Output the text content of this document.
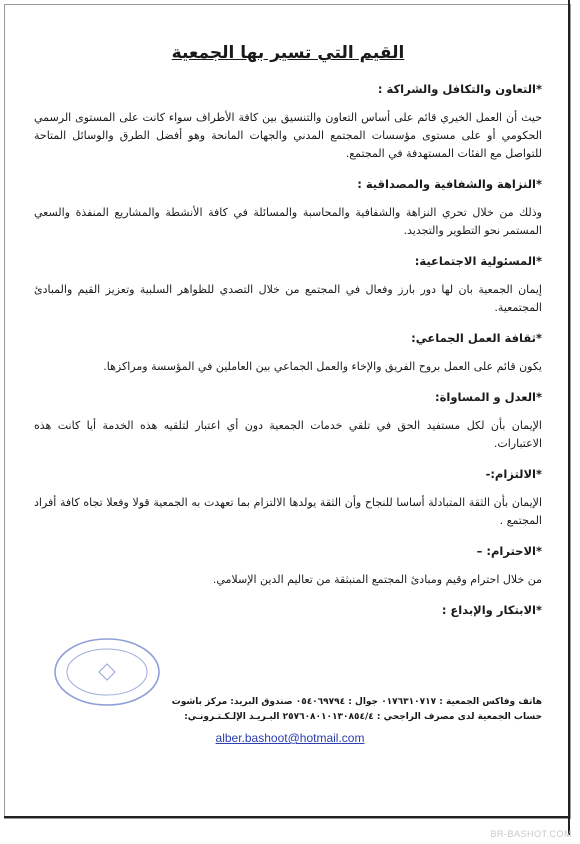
القيم التي تسير بها الجمعية

*التعاون والتكافل والشراكة :

حيث أن العمل الخيري قائم على أساس التعاون والتنسيق بين كافة الأطراف سواء كانت على المستوى الرسمي الحكومي أو على مستوى مؤسسات المجتمع المدني والجهات المانحة وهو أفضل الطرق والوسائل المتاحة للتواصل مع الفئات المستهدفة في المجتمع.

*النزاهة والشفافية والمصداقية :

وذلك من خلال تحري النزاهة والشفافية والمحاسبة والمسائلة في كافة الأنشطة والمشاريع المنفذة والسعي المستمر نحو التطوير والتجديد.

*المسئولية الاجتماعية:

إيمان الجمعية بان لها دور بارز وفعال في المجتمع من خلال التصدي للظواهر السلبية وتعزيز القيم والمبادئ المجتمعية.

*ثقافة العمل الجماعي:

يكون قائم على العمل بروح الفريق والإخاء والعمل الجماعي بين العاملين في المؤسسة ومراكزها.

*العدل و المساواة:

الإيمان بأن لكل مستفيد الحق في تلقي خدمات الجمعية دون أي اعتبار لتلقيه هذه الخدمة أيا كانت هذه الاعتبارات.

*الالتزام:-

الإيمان بأن الثقة المتبادلة أساسا للنجاح وأن الثقة يولدها الالتزام بما تعهدت به الجمعية قولا وفعلا تجاه كافة أفراد المجتمع .

*الاحترام: –

من خلال احترام وقيم ومبادئ المجتمع المنبثقة من تعاليم الدين الإسلامي.

*الابتكار والإبداع :

هاتف وفاكس الجمعية : ٠١٧٦٣١٠٧١٧ جوال : ٠٥٤٠٦٩٧٩٤ صندوق البريد: مركز باشوت

حساب الجمعية لدى مصرف الراجحي : ٢٥٧٦٠٨٠١٠١٣٠٨٥٤/٤ البـريـد الإلـكـتـرونـي:

alber.bashoot@hotmail.com
BR-BASHOT.COM
